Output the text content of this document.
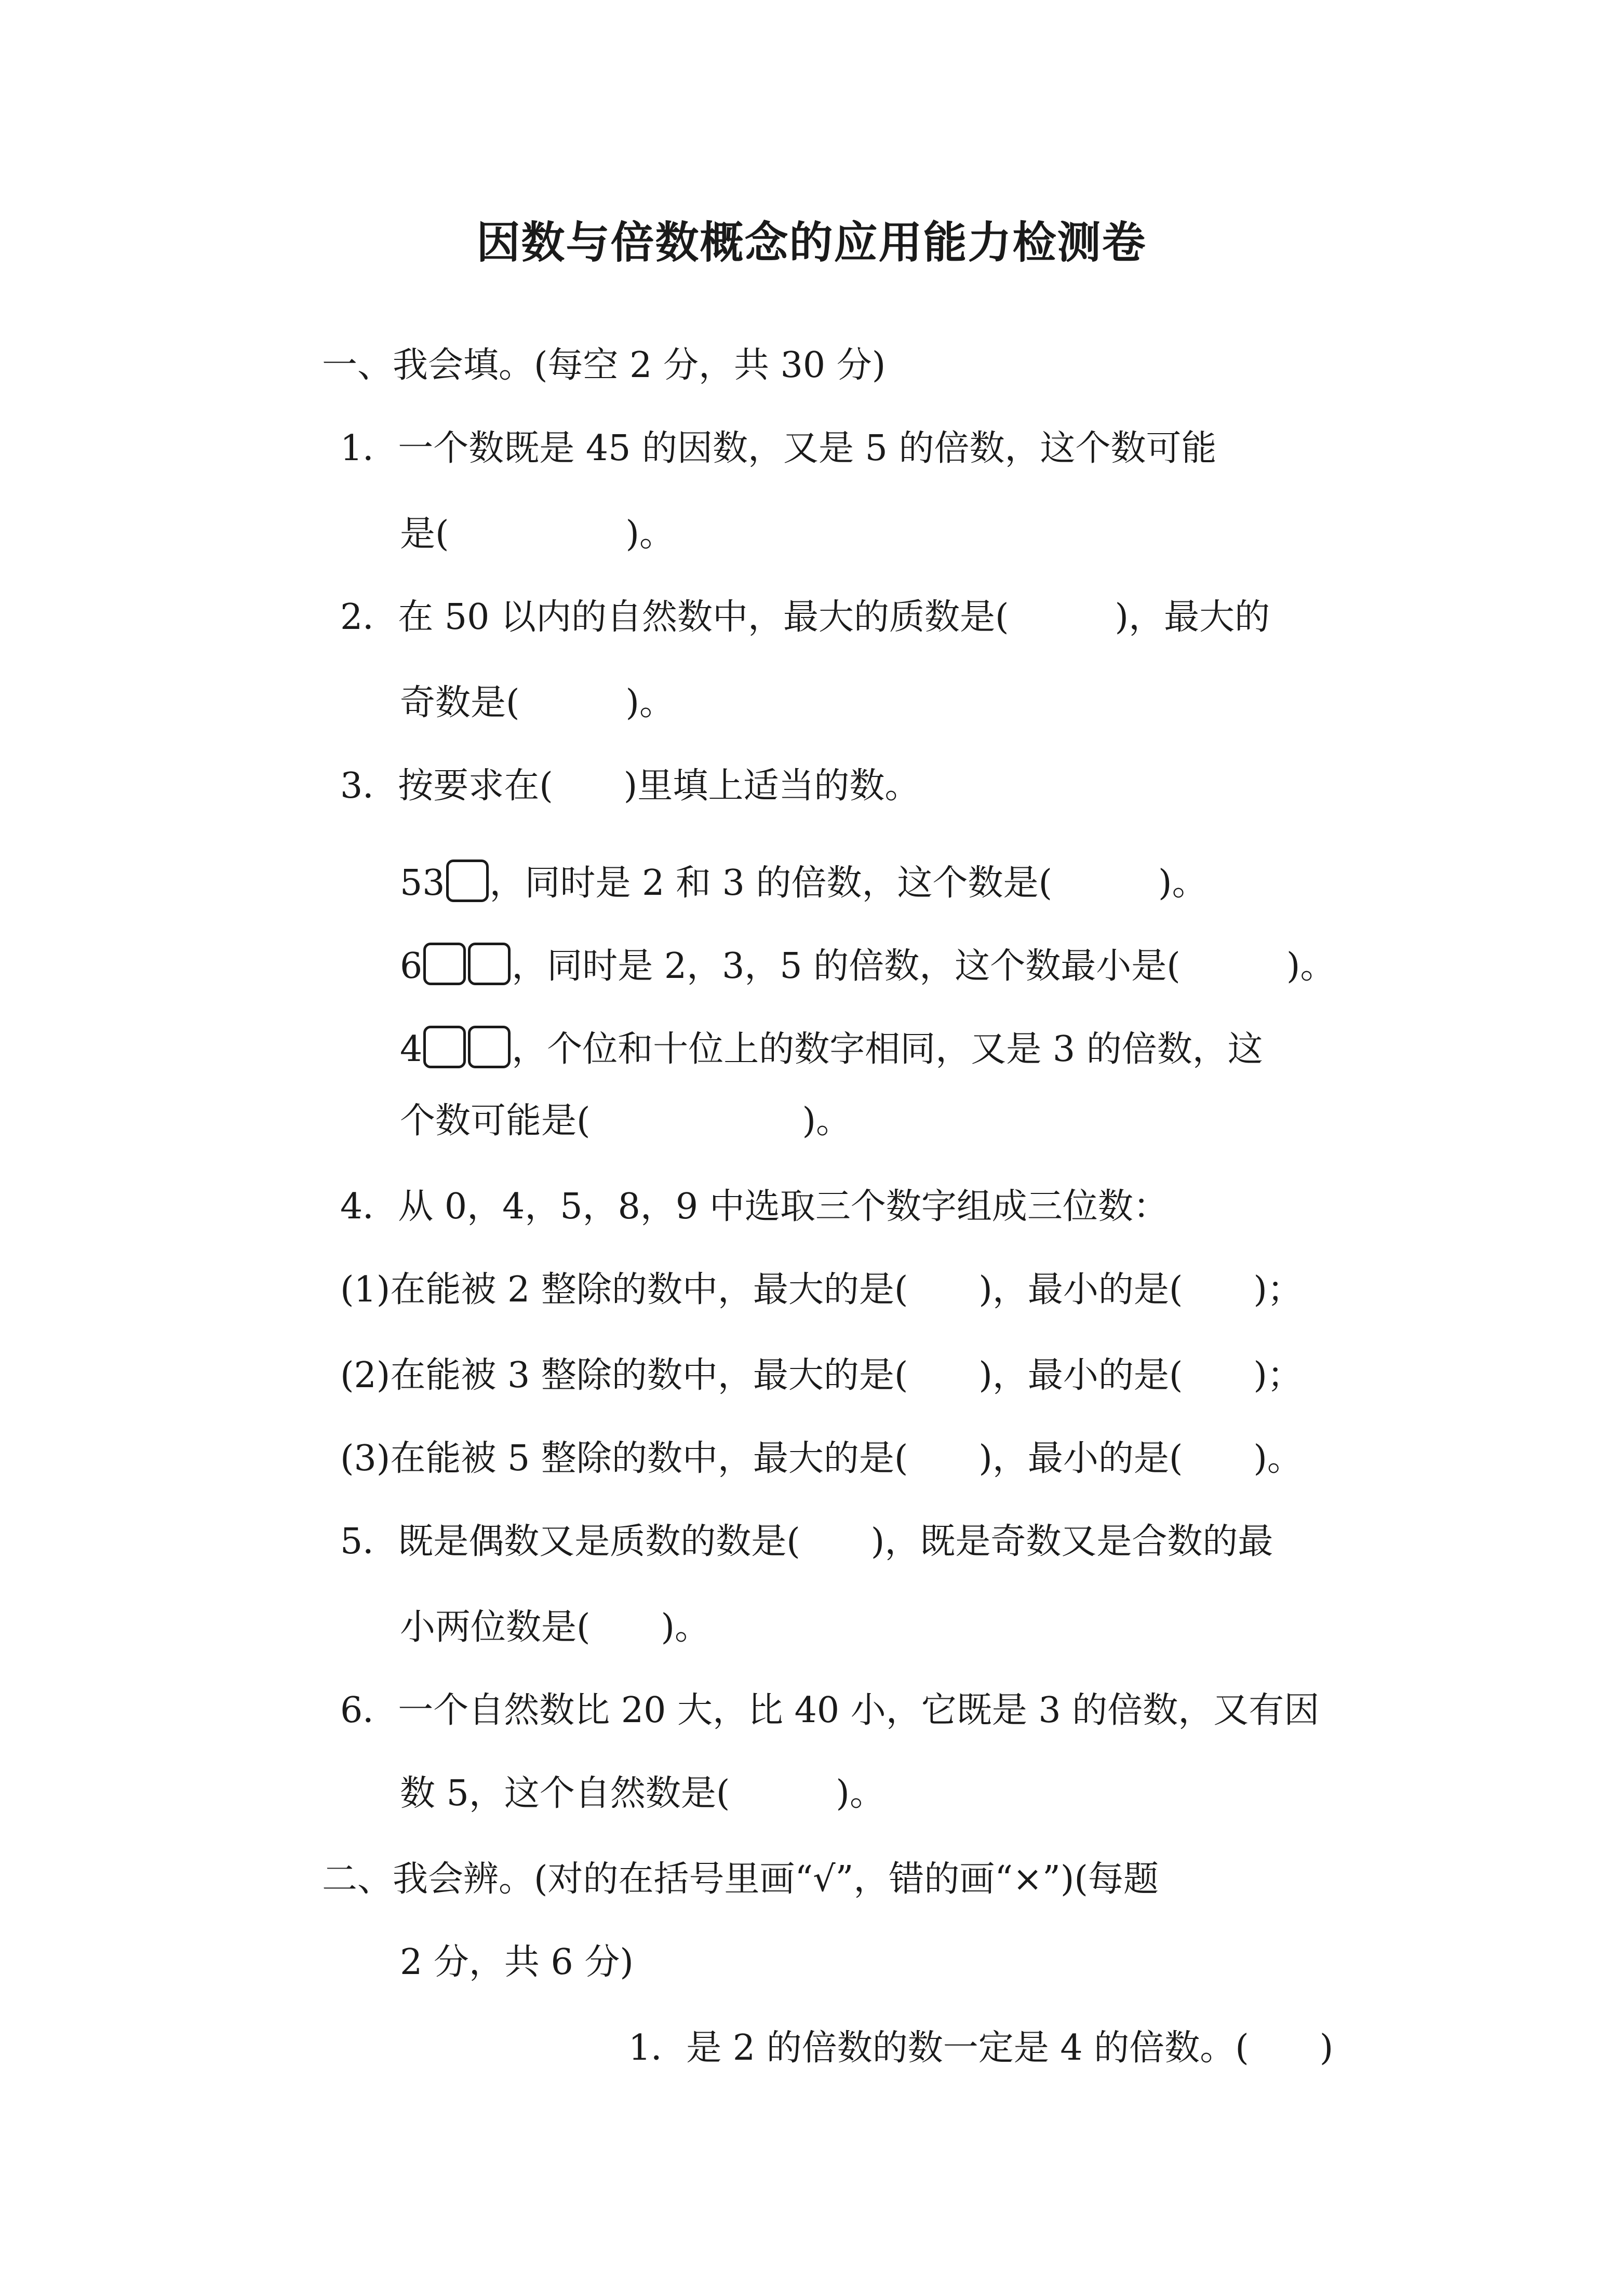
因数与倍数概念的应用能力检测卷
一、我会填。(每空 2 分，共 30 分)
1．一个数既是 45 的因数，又是 5 的倍数，这个数可能
是(　　　　　)。
2．在 50 以内的自然数中，最大的质数是(　　　)，最大的
奇数是(　　　)。
3．按要求在(　　)里填上适当的数。
53 ，同时是 2 和 3 的倍数，这个数是(　　　)。
6	，同时是 2，3，5 的倍数，这个数最小是(　　　)。
4	，个位和十位上的数字相同，又是 3 的倍数，这
个数可能是(　　　　　　)。
4．从 0，4，5，8，9 中选取三个数字组成三位数：
(1)在能被 2 整除的数中，最大的是(　　)，最小的是(　　)；
(2)在能被 3 整除的数中，最大的是(　　)，最小的是(　　)；
(3)在能被 5 整除的数中，最大的是(　　)，最小的是(　　)。
5．既是偶数又是质数的数是(　　)，既是奇数又是合数的最
小两位数是(　　)。
6．一个自然数比 20 大，比 40 小，它既是 3 的倍数，又有因
数 5，这个自然数是(　　　)。
二、我会辨。(对的在括号里画“√”，错的画“×”)(每题
2 分，共 6 分)
1．是 2 的倍数的数一定是 4 的倍数。(　　)
